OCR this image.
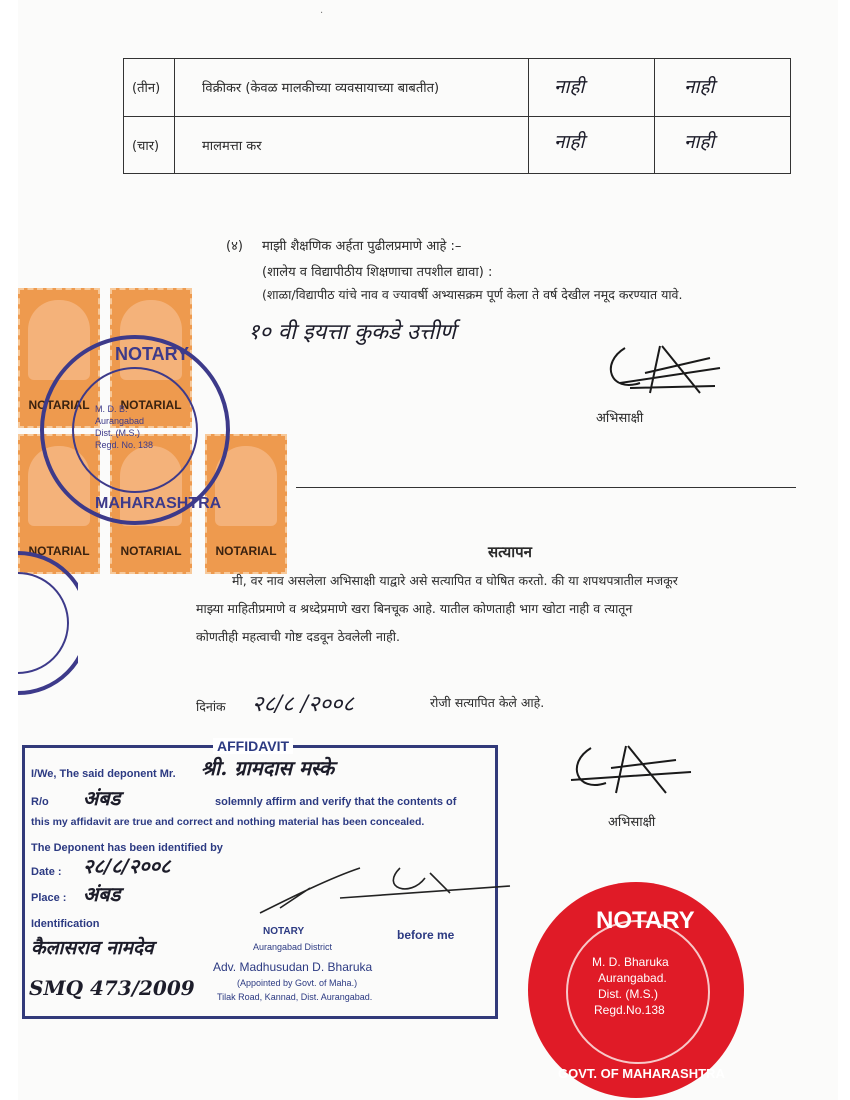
·
(तीन)	विक्रीकर (केवळ मालकीच्या व्यवसायाच्या बाबतीत)	नाही	नाही
(चार)	मालमत्ता कर	नाही	नाही
(४) माझी शैक्षणिक अर्हता पुढीलप्रमाणे आहे :–
(शालेय व विद्यापीठीय शिक्षणाचा तपशील द्यावा) :
(शाळा/विद्यापीठ यांचे नाव व ज्यावर्षी अभ्यासक्रम पूर्ण केला ते वर्ष देखील नमूद करण्यात यावे.
१० वी इयत्ता कुकडे उत्तीर्ण
अभिसाक्षी
NOTARIAL	NOTARIAL
NOTARIAL	NOTARIAL	NOTARIAL
NOTARY
MAHARASHTRA
M. D. B.
Aurangabad
Dist. (M.S.)
Regd. No. 138
सत्यापन
मी, वर नाव असलेला अभिसाक्षी याद्वारे असे सत्यापित व घोषित करतो. की या शपथपत्रातील मजकूर
माझ्या माहितीप्रमाणे व श्रध्देप्रमाणे खरा बिनचूक आहे. यातील कोणताही भाग खोटा नाही व त्यातून
कोणतीही महत्वाची गोष्ट दडवून ठेवलेली नाही.
दिनांक २८/८ /२००८	रोजी सत्यापित केले आहे.
अभिसाक्षी
AFFIDAVIT
I/We, The said deponent Mr. श्री. ग्रामदास मस्के
R/o अंबड	solemnly affirm and verify that the contents of
this my affidavit are true and correct and nothing material has been concealed.
The Deponent has been identified by
Date : २८/८/२००८
Place : अंबड
Identification
कैलासराव नामदेव
SMQ 473/2009
NOTARY	before me
Aurangabad District
Adv. Madhusudan D. Bharuka
(Appointed by Govt. of Maha.)
Tilak Road, Kannad, Dist. Aurangabad.
NOTARY
GOVT. OF MAHARASHTRA
M. D. Bharuka
Aurangabad.
Dist. (M.S.)
Regd.No.138
